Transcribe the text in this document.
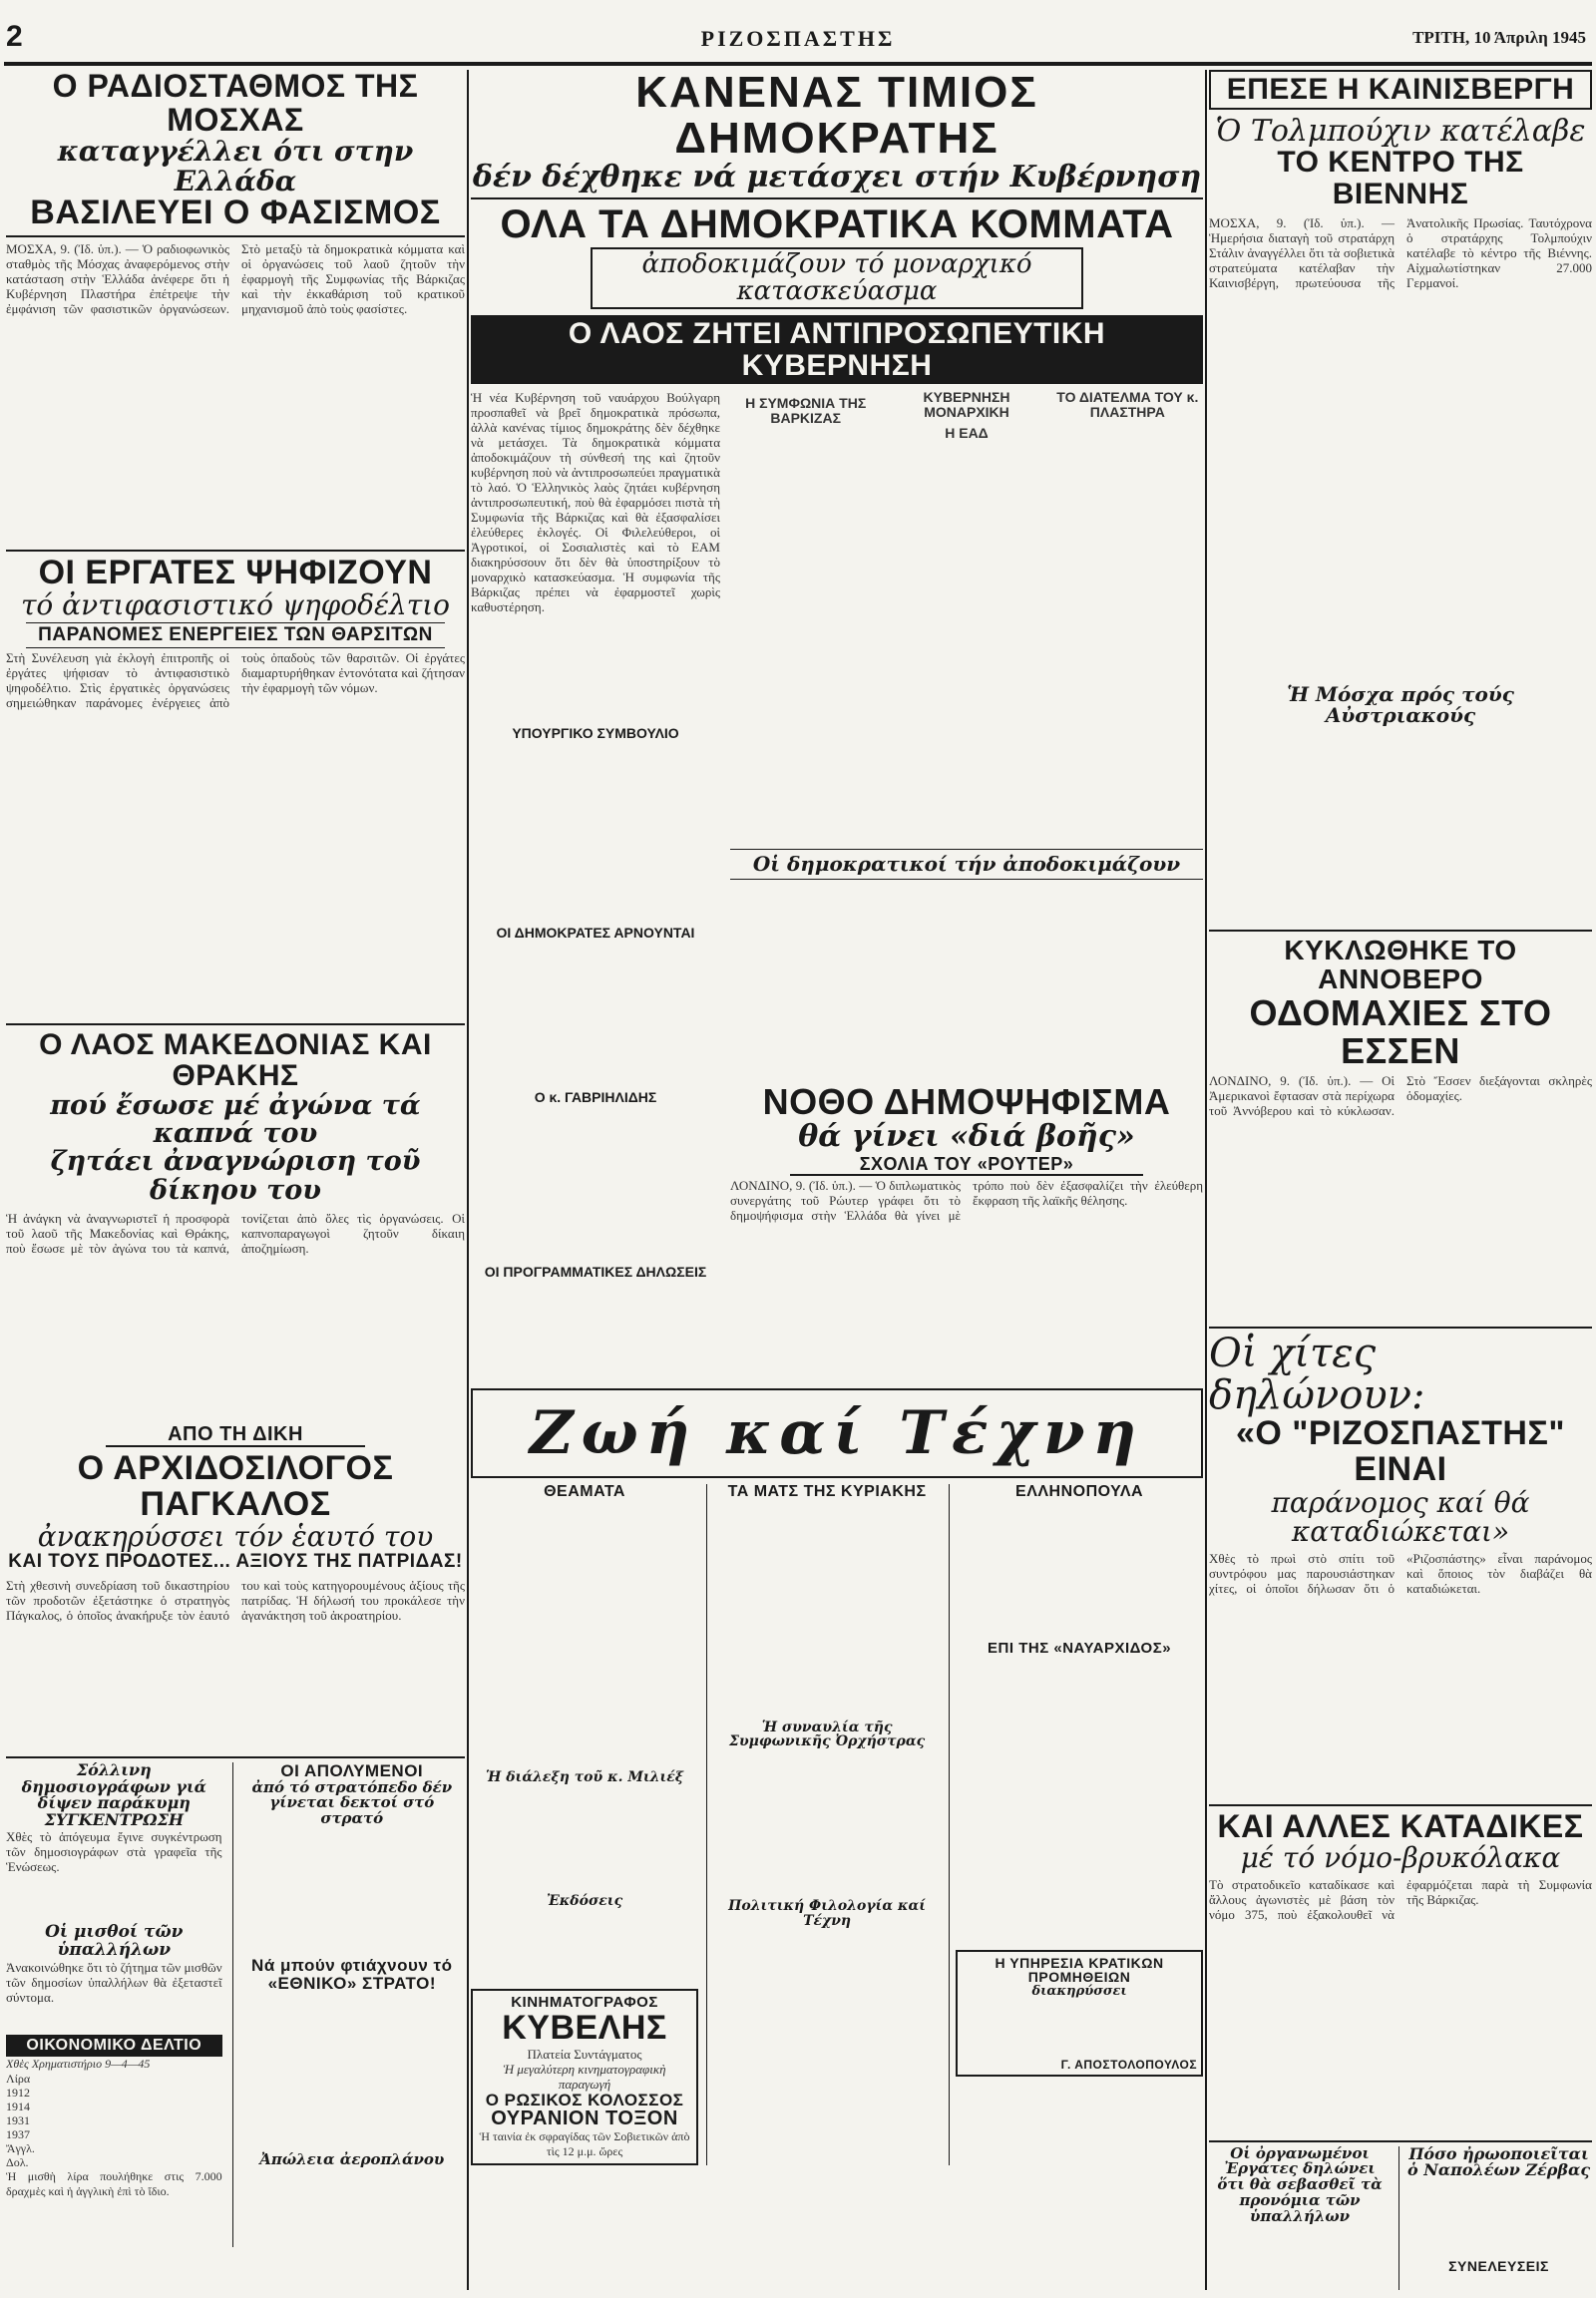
2	ΡΙΖΟΣΠΑΣΤΗΣ	ΤΡΙΤΗ, 10 Άπριλη 1945
Ο ΡΑΔΙΟΣΤΑΘΜΟΣ ΤΗΣ ΜΟΣΧΑΣ
καταγγέλλει ότι στην Ελλάδα
ΒΑΣΙΛΕΥΕΙ Ο ΦΑΣΙΣΜΟΣ
ΜΟΣΧΑ, 9. (Ἰδ. ὑπ.). — Ὁ ραδιοφωνικὸς σταθμὸς τῆς Μόσχας ἀναφερόμενος στὴν κατάσταση στὴν Ἑλλάδα ἀνέφερε ὅτι ἡ Κυβέρνηση Πλαστήρα ἐπέτρεψε τὴν ἐμφάνιση τῶν φασιστικῶν ὀργανώσεων. Στὸ μεταξὺ τὰ δημοκρατικὰ κόμματα καὶ οἱ ὀργανώσεις τοῦ λαοῦ ζητοῦν τὴν ἐφαρμογὴ τῆς Συμφωνίας τῆς Βάρκιζας καὶ τὴν ἐκκαθάριση τοῦ κρατικοῦ μηχανισμοῦ ἀπὸ τοὺς φασίστες.
ΟΙ ΕΡΓΑΤΕΣ ΨΗΦΙΖΟΥΝ
τό ἀντιφασιστικό ψηφοδέλτιο
ΠΑΡΑΝΟΜΕΣ ΕΝΕΡΓΕΙΕΣ ΤΩΝ ΘΑΡΣΙΤΩΝ
Στὴ Συνέλευση γιὰ ἐκλογὴ ἐπιτροπῆς οἱ ἐργάτες ψήφισαν τὸ ἀντιφασιστικὸ ψηφοδέλτιο. Στὶς ἐργατικὲς ὀργανώσεις σημειώθηκαν παράνομες ἐνέργειες ἀπὸ τοὺς ὀπαδοὺς τῶν θαρσιτῶν. Οἱ ἐργάτες διαμαρτυρήθηκαν ἐντονότατα καὶ ζήτησαν τὴν ἐφαρμογὴ τῶν νόμων.
Ο ΛΑΟΣ ΜΑΚΕΔΟΝΙΑΣ ΚΑΙ ΘΡΑΚΗΣ
πού ἔσωσε μέ ἀγώνα τά καπνά του
ζητάει ἀναγνώριση τοῦ δίκηου του
Ἡ ἀνάγκη νὰ ἀναγνωριστεῖ ἡ προσφορὰ τοῦ λαοῦ τῆς Μακεδονίας καὶ Θράκης, ποὺ ἔσωσε μὲ τὸν ἀγώνα του τὰ καπνά, τονίζεται ἀπὸ ὅλες τὶς ὀργανώσεις. Οἱ καπνοπαραγωγοὶ ζητοῦν δίκαιη ἀποζημίωση.
ΑΠΟ ΤΗ ΔΙΚΗ
Ο ΑΡΧΙΔΟΣΙΛΟΓΟΣ ΠΑΓΚΑΛΟΣ
ἀνακηρύσσει τόν ἑαυτό του
ΚΑΙ ΤΟΥΣ ΠΡΟΔΟΤΕΣ... ΑΞΙΟΥΣ ΤΗΣ ΠΑΤΡΙΔΑΣ!
Στὴ χθεσινὴ συνεδρίαση τοῦ δικαστηρίου τῶν προδοτῶν ἐξετάστηκε ὁ στρατηγὸς Πάγκαλος, ὁ ὁποῖος ἀνακήρυξε τὸν ἑαυτό του καὶ τοὺς κατηγορουμένους ἀξίους τῆς πατρίδας. Ἡ δήλωσή του προκάλεσε τὴν ἀγανάκτηση τοῦ ἀκροατηρίου.
Σόλλινη δημοσιογράφων γιά δίψεν παράκυμη ΣΥΓΚΕΝΤΡΩΣΗ
Χθὲς τὸ ἀπόγευμα ἔγινε συγκέντρωση τῶν δημοσιογράφων στὰ γραφεῖα τῆς Ἑνώσεως.
Οἱ μισθοί τῶν ὑπαλλήλων
Ἀνακοινώθηκε ὅτι τὸ ζήτημα τῶν μισθῶν τῶν δημοσίων ὑπαλλήλων θὰ ἐξεταστεῖ σύντομα.
ΟΙΚΟΝΟΜΙΚΟ ΔΕΛΤΙΟ
Χθὲς Χρηματιστήριο 9—4—45
Λίρα
1912
1914
1931
1937
Ἄγγλ.
Δολ.
Ἡ μισθὴ λίρα πουλήθηκε στις 7.000 δραχμὲς καὶ ἡ ἀγγλικὴ ἐπὶ τὸ ἴδιο.
ΟΙ ΑΠΟΛΥΜΕΝΟΙ
ἀπό τό στρατόπεδο δέν γίνεται δεκτοί στό στρατό
Νά μπούν φτιάχνουν τό «ΕΘΝΙΚΟ» ΣΤΡΑΤΟ!
Ἀπώλεια ἀεροπλάνου
ΚΑΝΕΝΑΣ ΤΙΜΙΟΣ ΔΗΜΟΚΡΑΤΗΣ
δέν δέχθηκε νά μετάσχει στήν Κυβέρνηση
ΟΛΑ ΤΑ ΔΗΜΟΚΡΑΤΙΚΑ ΚΟΜΜΑΤΑ
ἀποδοκιμάζουν τό μοναρχικό κατασκεύασμα
Ο ΛΑΟΣ ΖΗΤΕΙ ΑΝΤΙΠΡΟΣΩΠΕΥΤΙΚΗ ΚΥΒΕΡΝΗΣΗ
Ἡ νέα Κυβέρνηση τοῦ ναυάρχου Βούλγαρη προσπαθεῖ νὰ βρεῖ δημοκρατικὰ πρόσωπα, ἀλλὰ κανένας τίμιος δημοκράτης δὲν δέχθηκε νὰ μετάσχει. Τὰ δημοκρατικὰ κόμματα ἀποδοκιμάζουν τὴ σύνθεσή της καὶ ζητοῦν κυβέρνηση ποὺ νὰ ἀντιπροσωπεύει πραγματικὰ τὸ λαό. Ὁ Ἑλληνικὸς λαὸς ζητάει κυβέρνηση ἀντιπροσωπευτική, ποὺ θὰ ἐφαρμόσει πιστὰ τὴ Συμφωνία τῆς Βάρκιζας καὶ θὰ ἐξασφαλίσει ἐλεύθερες ἐκλογές. Οἱ Φιλελεύθεροι, οἱ Ἀγροτικοί, οἱ Σοσιαλιστὲς καὶ τὸ ΕΑΜ διακηρύσσουν ὅτι δὲν θὰ ὑποστηρίξουν τὸ μοναρχικὸ κατασκεύασμα. Ἡ συμφωνία τῆς Βάρκιζας πρέπει νὰ ἐφαρμοστεῖ χωρὶς καθυστέρηση.
ΥΠΟΥΡΓΙΚΟ ΣΥΜΒΟΥΛΙΟ
ΟΙ ΔΗΜΟΚΡΑΤΕΣ ΑΡΝΟΥΝΤΑΙ
Η ΣΥΜΦΩΝΙΑ ΤΗΣ ΒΑΡΚΙΖΑΣ
ΚΥΒΕΡΝΗΣΗ ΜΟΝΑΡΧΙΚΗ
Η ΕΑΔ
ΤΟ ΔΙΑΤΕΛΜΑ ΤΟΥ κ. ΠΛΑΣΤΗΡΑ
Οἱ δημοκρατικοί τήν ἀποδοκιμάζουν
Ο κ. ΓΑΒΡΙΗΛΙΔΗΣ
ΟΙ ΠΡΟΓΡΑΜΜΑΤΙΚΕΣ ΔΗΛΩΣΕΙΣ
ΝΟΘΟ ΔΗΜΟΨΗΦΙΣΜΑ
θά γίνει «διά βοῆς»
ΣΧΟΛΙΑ ΤΟΥ «ΡΟΥΤΕΡ»
ΛΟΝΔΙΝΟ, 9. (Ἰδ. ὑπ.). — Ὁ διπλωματικὸς συνεργάτης τοῦ Ρώυτερ γράφει ὅτι τὸ δημοψήφισμα στὴν Ἑλλάδα θὰ γίνει μὲ τρόπο ποὺ δὲν ἐξασφαλίζει τὴν ἐλεύθερη ἔκφραση τῆς λαϊκῆς θέλησης.
ΕΠΕΣΕ Η ΚΑΙΝΙΣΒΕΡΓΗ
Ὁ Τολμπούχιν κατέλαβε
ΤΟ ΚΕΝΤΡΟ ΤΗΣ ΒΙΕΝΝΗΣ
ΜΟΣΧΑ, 9. (Ἰδ. ὑπ.). — Ἡμερήσια διαταγὴ τοῦ στρατάρχη Στάλιν ἀναγγέλλει ὅτι τὰ σοβιετικὰ στρατεύματα κατέλαβαν τὴν Καινισβέργη, πρωτεύουσα τῆς Ἀνατολικῆς Πρωσίας. Ταυτόχρονα ὁ στρατάρχης Τολμπούχιν κατέλαβε τὸ κέντρο τῆς Βιέννης. Αἰχμαλωτίστηκαν 27.000 Γερμανοί.
Ἡ Μόσχα πρός τούς Αὐστριακούς
ΚΥΚΛΩΘΗΚΕ ΤΟ ΑΝΝΟΒΕΡΟ
ΟΔΟΜΑΧΙΕΣ ΣΤΟ ΕΣΣΕΝ
ΛΟΝΔΙΝΟ, 9. (Ἰδ. ὑπ.). — Οἱ Ἀμερικανοὶ ἔφτασαν στὰ περίχωρα τοῦ Ἀννόβερου καὶ τὸ κύκλωσαν. Στὸ Ἔσσεν διεξάγονται σκληρὲς ὁδομαχίες.
Οἱ χίτες δηλώνουν:
«Ο "ΡΙΖΟΣΠΑΣΤΗΣ" ΕΙΝΑΙ
παράνομος καί θά καταδιώκεται»
Χθὲς τὸ πρωὶ στὸ σπίτι τοῦ συντρόφου μας παρουσιάστηκαν χίτες, οἱ ὁποῖοι δήλωσαν ὅτι ὁ «Ριζοσπάστης» εἶναι παράνομος καὶ ὅποιος τὸν διαβάζει θὰ καταδιώκεται.
ΚΑΙ ΑΛΛΕΣ ΚΑΤΑΔΙΚΕΣ
μέ τό νόμο-βρυκόλακα
Τὸ στρατοδικεῖο καταδίκασε καὶ ἄλλους ἀγωνιστὲς μὲ βάση τὸν νόμο 375, ποὺ ἐξακολουθεῖ νὰ ἐφαρμόζεται παρὰ τὴ Συμφωνία τῆς Βάρκιζας.
Οἱ ὀργανωμένοι Ἐργάτες δηλώνει ὅτι θὰ σεβασθεῖ τὰ προνόμια τῶν ὑπαλλήλων
Πόσο ἠρωοποιεῖται ὁ Ναπολέων Ζέρβας
ΣΥΝΕΛΕΥΣΕΙΣ
Ζωή καί Τέχνη
ΘΕΑΜΑΤΑ
Ἡ διάλεξη τοῦ κ. Μιλιέξ
Ἐκδόσεις
ΚΙΝΗΜΑΤΟΓΡΑΦΟΣ
ΚΥΒΕΛΗΣ
Πλατεία Συντάγματος
Ἡ μεγαλύτερη κινηματογραφικὴ παραγωγή
Ο ΡΩΣΙΚΟΣ ΚΟΛΟΣΣΟΣ
ΟΥΡΑΝΙΟΝ ΤΟΞΟΝ
Ἡ ταινία ἐκ σφραγίδας τῶν Σοβιετικῶν ἀπὸ τὶς 12 μ.μ. ὥρες
ΤΑ ΜΑΤΣ ΤΗΣ ΚΥΡΙΑΚΗΣ
Ἡ συναυλία τῆς Συμφωνικῆς Ὀρχήστρας
Πολιτική Φιλολογία καί Τέχνη
ΕΛΛΗΝΟΠΟΥΛΑ
ΕΠΙ ΤΗΣ «ΝΑΥΑΡΧΙΔΟΣ»
Η ΥΠΗΡΕΣΙΑ ΚΡΑΤΙΚΩΝ ΠΡΟΜΗΘΕΙΩΝ
διακηρύσσει
Γ. ΑΠΟΣΤΟΛΟΠΟΥΛΟΣ
